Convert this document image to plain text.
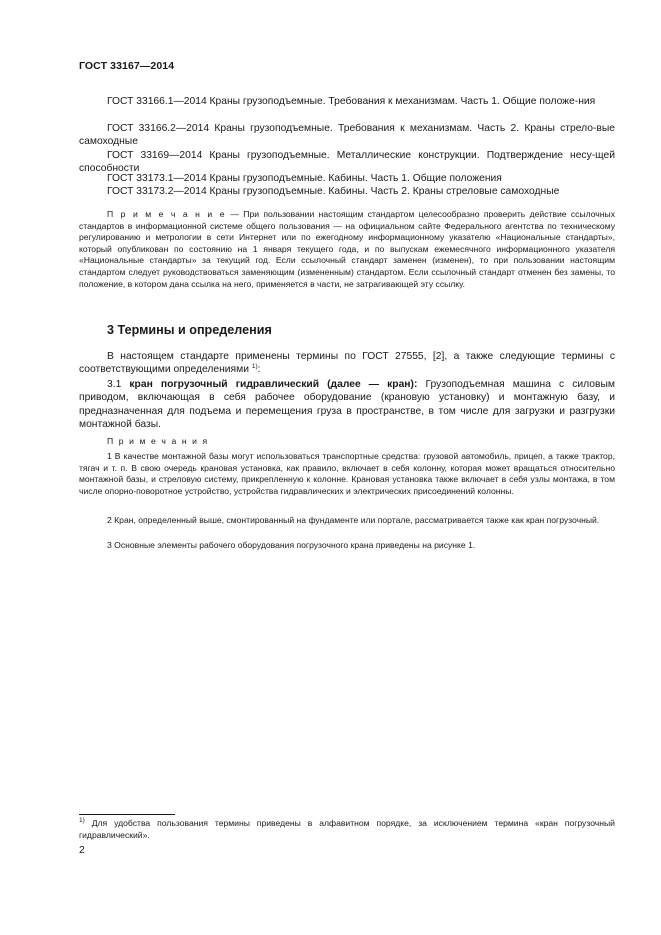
ГОСТ 33167—2014
ГОСТ 33166.1—2014 Краны грузоподъемные. Требования к механизмам. Часть 1. Общие положе-ния
ГОСТ 33166.2—2014 Краны грузоподъемные. Требования к механизмам. Часть 2. Краны стрело-вые самоходные
ГОСТ 33169—2014 Краны грузоподъемные. Металлические конструкции. Подтверждение несу-щей способности
ГОСТ 33173.1—2014 Краны грузоподъемные. Кабины. Часть 1. Общие положения
ГОСТ 33173.2—2014 Краны грузоподъемные. Кабины. Часть 2. Краны стреловые самоходные
П р и м е ч а н и е — При пользовании настоящим стандартом целесообразно проверить действие ссылочных стандартов в информационной системе общего пользования — на официальном сайте Федерального агентства по техническому регулированию и метрологии в сети Интернет или по ежегодному информационному указателю «Национальные стандарты», который опубликован по состоянию на 1 января текущего года, и по выпускам ежемесячного информационного указателя «Национальные стандарты» за текущий год. Если ссылочный стандарт заменен (изменен), то при пользовании настоящим стандартом следует руководствоваться заменяющим (измененным) стандартом. Если ссылочный стандарт отменен без замены, то положение, в котором дана ссылка на него, применяется в части, не затрагивающей эту ссылку.
3 Термины и определения
В настоящем стандарте применены термины по ГОСТ 27555, [2], а также следующие термины с соответствующими определениями $^{1)}$:
3.1 кран погрузочный гидравлический (далее — кран): Грузоподъемная машина с силовым приводом, включающая в себя рабочее оборудование (крановую установку) и монтажную базу, и предназначенная для подъема и перемещения груза в пространстве, в том числе для загрузки и разгрузки монтажной базы.
П р и м е ч а н и я
1 В качестве монтажной базы могут использоваться транспортные средства: грузовой автомобиль, прицеп, а также трактор, тягач и т. п. В свою очередь крановая установка, как правило, включает в себя колонну, которая может вращаться относительно монтажной базы, и стреловую систему, прикрепленную к колонне. Крановая установка также включает в себя узлы монтажа, в том числе опорно-поворотное устройство, устройства гидравлических и электрических присоединений колонны.
2 Кран, определенный выше, смонтированный на фундаменте или портале, рассматривается также как кран погрузочный.
3 Основные элементы рабочего оборудования погрузочного крана приведены на рисунке 1.
$^{1)}$ Для удобства пользования термины приведены в алфавитном порядке, за исключением термина «кран погрузочный гидравлический».
2
